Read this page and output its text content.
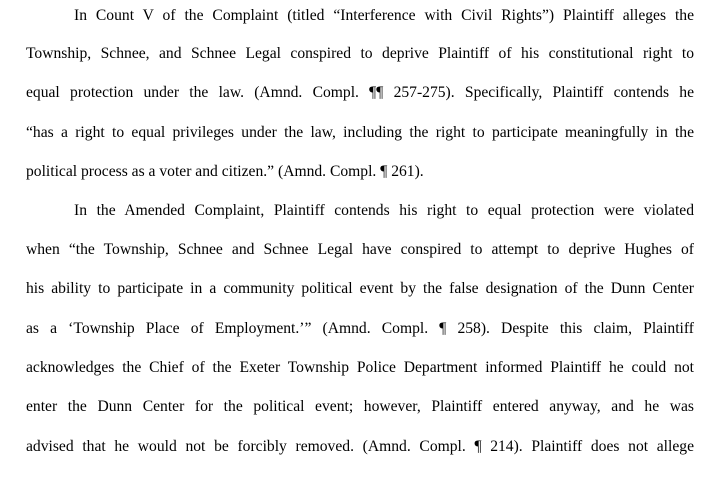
In Count V of the Complaint (titled “Interference with Civil Rights”) Plaintiff alleges the
Township, Schnee, and Schnee Legal conspired to deprive Plaintiff of his constitutional right to
equal protection under the law. (Amnd. Compl. ¶¶ 257-275). Specifically, Plaintiff contends he
“has a right to equal privileges under the law, including the right to participate meaningfully in the
political process as a voter and citizen.” (Amnd. Compl. ¶ 261).
In the Amended Complaint, Plaintiff contends his right to equal protection were violated
when “the Township, Schnee and Schnee Legal have conspired to attempt to deprive Hughes of
his ability to participate in a community political event by the false designation of the Dunn Center
as a ‘Township Place of Employment.’” (Amnd. Compl. ¶ 258). Despite this claim, Plaintiff
acknowledges the Chief of the Exeter Township Police Department informed Plaintiff he could not
enter the Dunn Center for the political event; however, Plaintiff entered anyway, and he was
advised that he would not be forcibly removed. (Amnd. Compl. ¶ 214). Plaintiff does not allege
